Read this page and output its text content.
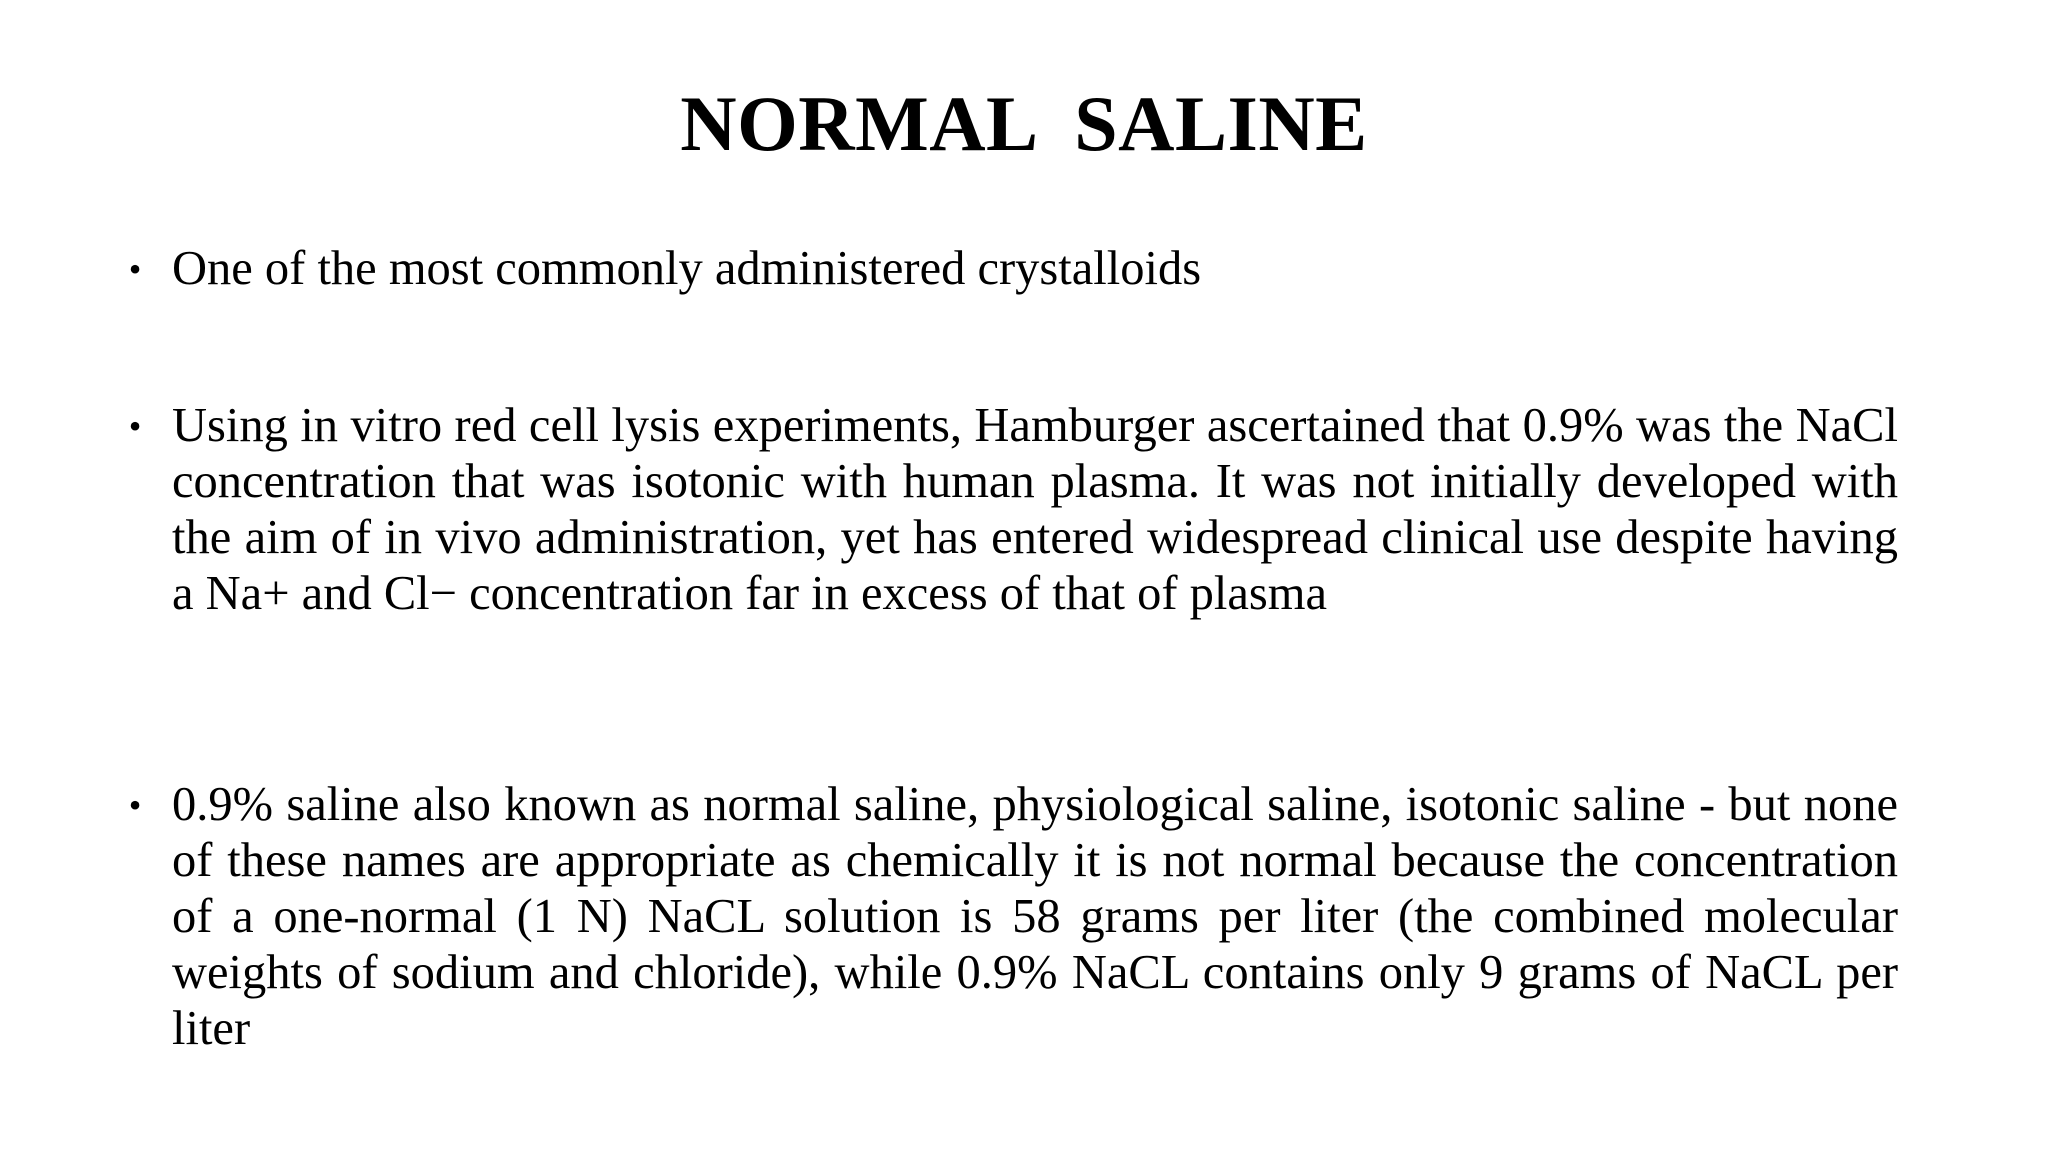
NORMAL  SALINE
• One of the most commonly administered crystalloids
• Using in vitro red cell lysis experiments, Hamburger ascertained that 0.9% was the NaCl concentration that was isotonic with human plasma. It was not initially developed with the aim of in vivo administration, yet has entered widespread clinical use despite having a Na+ and Cl− concentration far in excess of that of plasma
• 0.9% saline also known as normal saline, physiological saline, isotonic saline - but none of these names are appropriate as chemically it is not normal because the concentration of a one-normal (1 N) NaCL solution is 58 grams per liter (the combined molecular weights of sodium and chloride), while 0.9% NaCL contains only 9 grams of NaCL per liter
